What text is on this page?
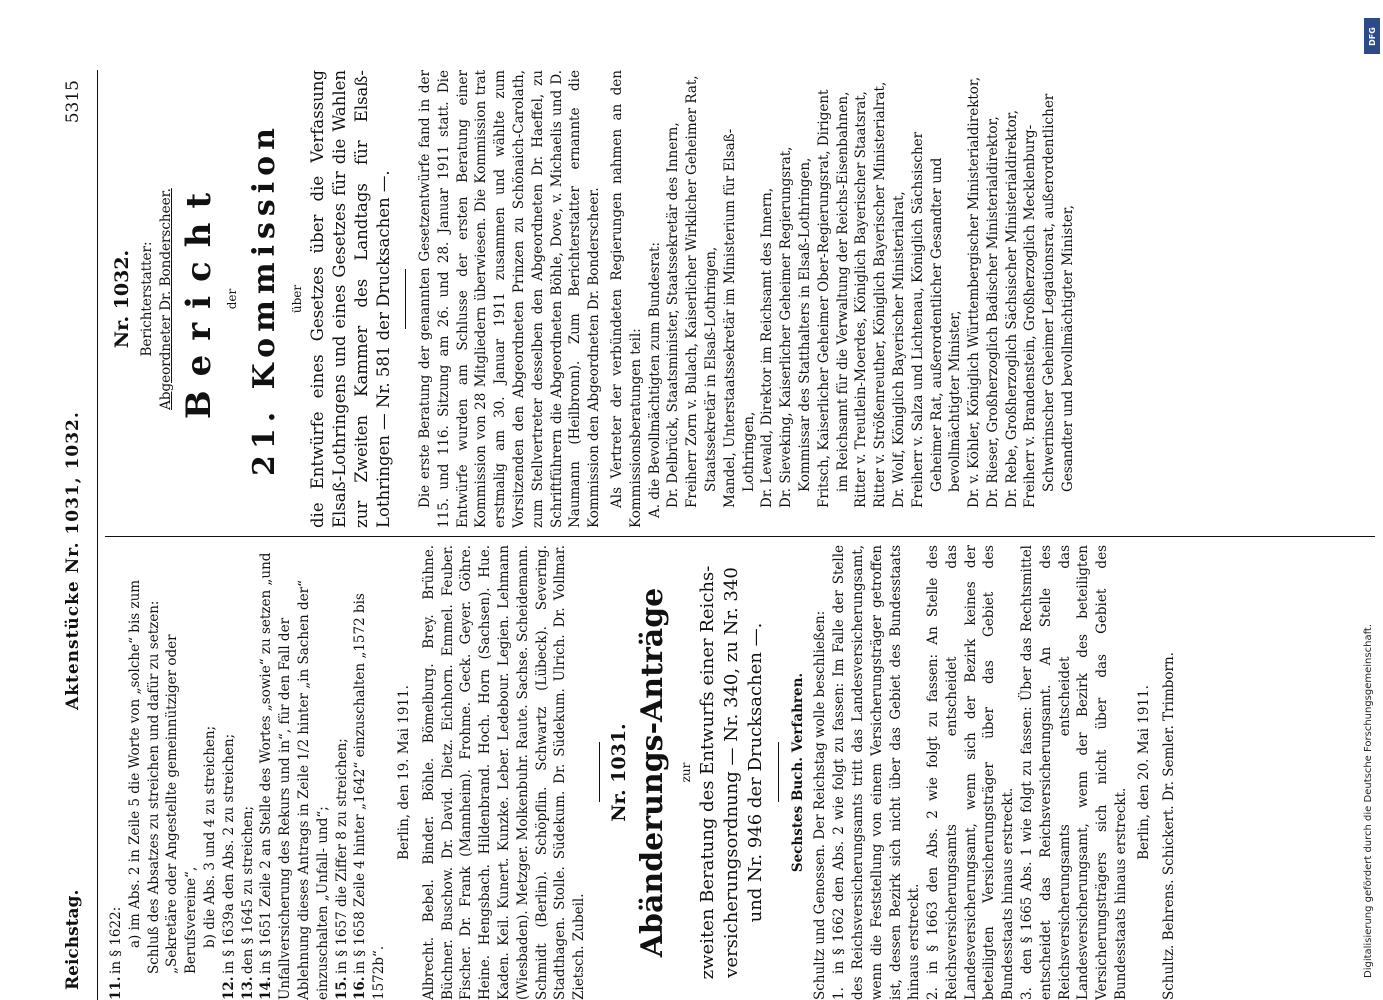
Reichstag.
Aktenstücke Nr. 1031, 1032.
5315
11.in § 1622: a) im Abs. 2 in Zeile 5 die Worte von „solche“ bis zum Schluß des Absatzes zu streichen und dafür zu setzen: „Sekretäre oder Angestellte gemeinnütziger oder Berufsvereine“, b) die Abs. 3 und 4 zu streichen;
12.in § 1639a den Abs. 2 zu streichen;
13.den § 1645 zu streichen;
14.in § 1651 Zeile 2 an Stelle des Wortes „sowie“ zu setzen „und Unfallversicherung des Rekurs und in“, für den Fall der Ablehnung dieses Antrags in Zeile 1/2 hinter „in Sachen der“ einzuschalten „Unfall- und“; 15.in § 1657 die Ziffer 8 zu streichen;
16.in § 1658 Zeile 4 hinter „1642“ einzuschalten „1572 bis 1572b“.
Berlin, den 19. Mai 1911. Albrecht. Bebel. Binder. Böhle. Bömelburg. Brey. Brühne. Büchner. Buschow. Dr. David. Dietz. Eichhorn. Emmel. Feuber. Fischer. Dr. Frank (Mannheim). Frohme. Geck. Geyer. Göhre. Heine. Hengsbach. Hildenbrand. Hoch. Horn (Sachsen). Hue. Kaden. Keil. Kunert. Kunzke. Leber. Ledebour. Legien. Lehmann (Wiesbaden). Metzger. Molkenbuhr. Raute. Sachse. Scheidemann. Schmidt (Berlin). Schöpflin. Schwartz (Lübeck). Severing. Stadthagen. Stolle. Südekum. Dr. Südekum. Ulrich. Dr. Vollmar. Zietsch. Zubeil.
Nr. 1031. Abänderungs-Anträge zur zweiten Beratung des Entwurfs einer Reichs- versicherungsordnung — Nr. 340, zu Nr. 340 und Nr. 946 der Drucksachen —. Sechstes Buch. Verfahren. Schultz und Genossen. Der Reichstag wolle beschließen: 1.in § 1662 den Abs. 2 wie folgt zu fassen: Im Falle der Stelle des Reichsversicherungsamts tritt das Landesversicherungsamt, wenn die Feststellung von einem Versicherungsträger getroffen ist, dessen Bezirk sich nicht über das Gebiet des Bundesstaats hinaus erstreckt. 2.in § 1663 den Abs. 2 wie folgt zu fassen: An Stelle des Reichsversicherungsamts entscheidet das Landesversicherungsamt, wenn sich der Bezirk keines der beteiligten Versicherungsträger über das Gebiet des Bundesstaats hinaus erstreckt. 3.den § 1665 Abs. 1 wie folgt zu fassen: Über das Rechtsmittel entscheidet das Reichsversicherungsamt. An Stelle des Reichsversicherungsamts entscheidet das Landesversicherungsamt, wenn der Bezirk des beteiligten Versicherungsträgers sich nicht über das Gebiet des Bundesstaats hinaus erstreckt.
Berlin, den 20. Mai 1911. Schultz. Behrens. Schickert. Dr. Semler. Trimborn.
Nr. 1032. Berichterstatter: Abgeordneter Dr. Bonderscheer. Bericht der 21. Kommission über die Entwürfe eines Gesetzes über die Verfassung Elsaß-Lothringens und eines Gesetzes für die Wahlen zur Zweiten Kammer des Landtags für Elsaß-Lothringen — Nr. 581 der Drucksachen —. Die erste Beratung der genannten Gesetzentwürfe fand in der 115. und 116. Sitzung am 26. und 28. Januar 1911 statt. Die Entwürfe wurden am Schlusse der ersten Beratung einer Kommission von 28 Mitgliedern überwiesen. Die Kommission trat erstmalig am 30. Januar 1911 zusammen und wählte zum Vorsitzenden den Abgeordneten Prinzen zu Schönaich-Carolath, zum Stellvertreter desselben den Abgeordneten Dr. Haeffel, zu Schriftführern die Abgeordneten Böhle, Dove, v. Michaelis und D. Naumann (Heilbronn). Zum Berichterstatter ernannte die Kommission den Abgeordneten Dr. Bonderscheer. Als Vertreter der verbündeten Regierungen nahmen an den Kommissionsberatungen teil: A. die Bevollmächtigten zum Bundesrat: Dr. Delbrück, Staatsminister, Staatssekretär des Innern, Freiherr Zorn v. Bulach, Kaiserlicher Wirklicher Geheimer Rat, Staatssekretär in Elsaß-Lothringen, Mandel, Unterstaatssekretär im Ministerium für Elsaß-Lothringen, Dr. Lewald, Direktor im Reichsamt des Innern, Dr. Sieveking, Kaiserlicher Geheimer Regierungsrat, Kommissar des Statthalters in Elsaß-Lothringen, Fritsch, Kaiserlicher Geheimer Ober-Regierungsrat, Dirigent im Reichsamt für die Verwaltung der Reichs-Eisenbahnen, Ritter v. Treutlein-Moerdes, Königlich Bayerischer Staatsrat, Ritter v. Strößenreuther, Königlich Bayerischer Ministerialrat, Dr. Wolf, Königlich Bayerischer Ministerialrat, Freiherr v. Salza und Lichtenau, Königlich Sächsischer Geheimer Rat, außerordentlicher Gesandter und bevollmächtigter Minister, Dr. v. Köhler, Königlich Württembergischer Ministerialdirektor, Dr. Rieser, Großherzoglich Badischer Ministerialdirektor, Dr. Rebe, Großherzoglich Sächsischer Ministerialdirektor, Freiherr v. Brandenstein, Großherzoglich Mecklenburg-Schwerinscher Geheimer Legationsrat, außerordentlicher Gesandter und bevollmächtigter Minister,
Digitalisierung gefördert durch die Deutsche Forschungsgemeinschaft.
DFG
